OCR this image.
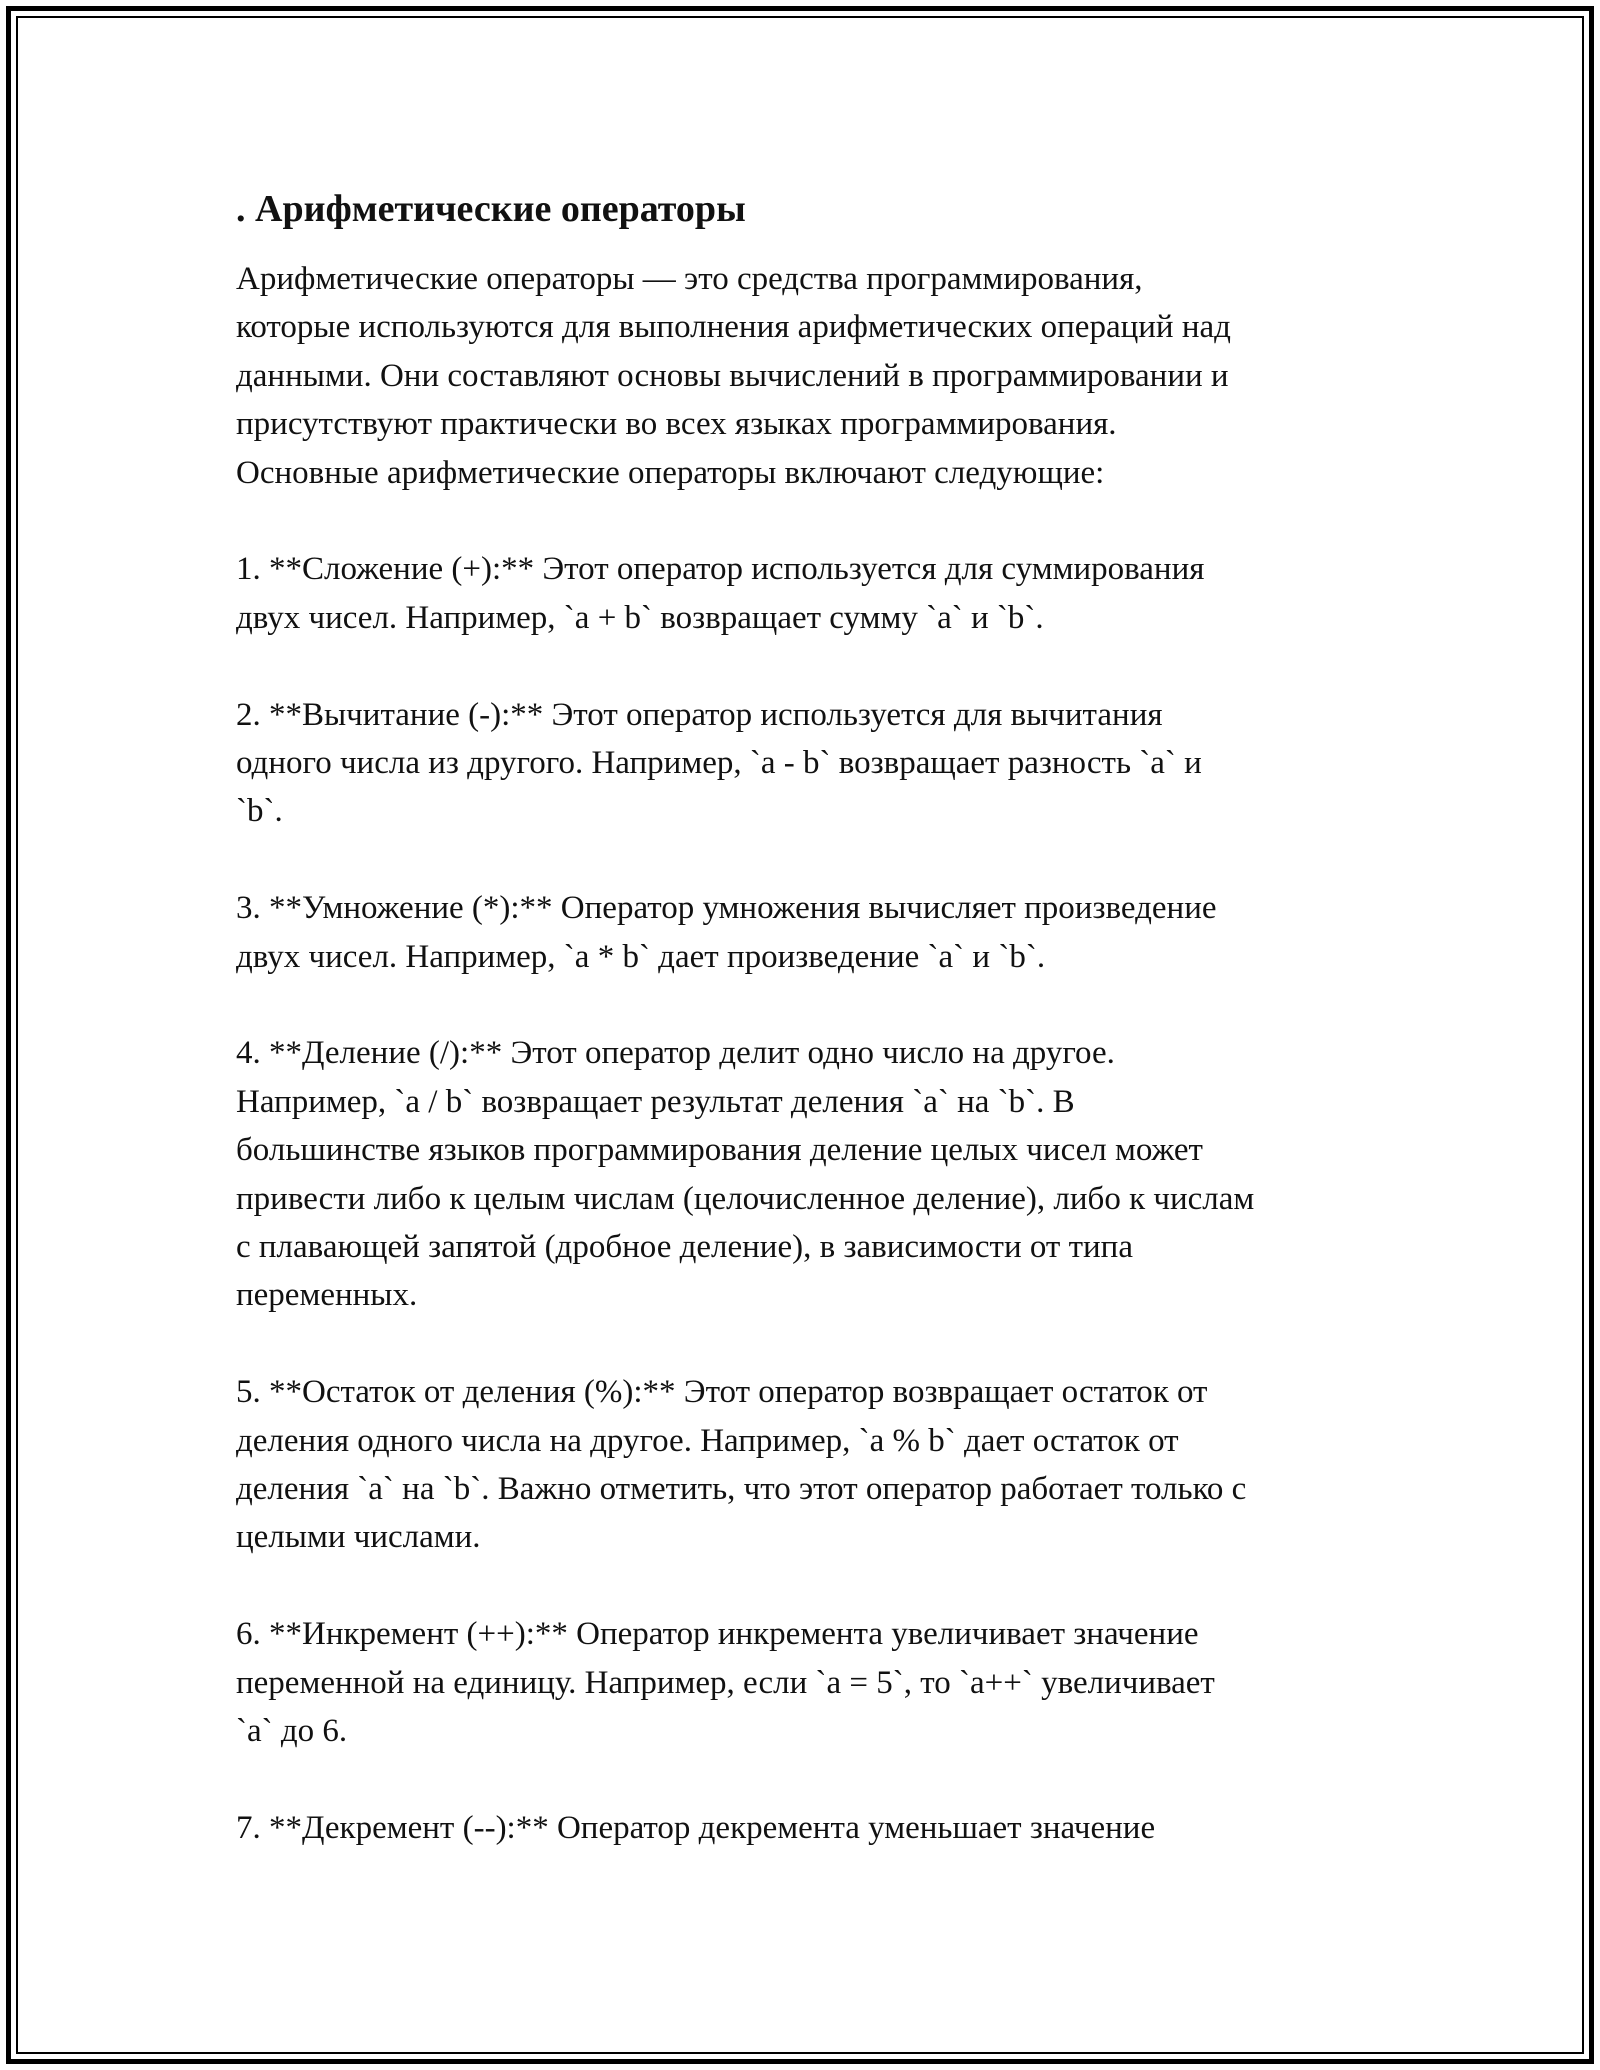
. Арифметические операторы
Арифметические операторы — это средства программирования,
которые используются для выполнения арифметических операций над
данными. Они составляют основы вычислений в программировании и
присутствуют практически во всех языках программирования.
Основные арифметические операторы включают следующие:
1. **Сложение (+):** Этот оператор используется для суммирования
двух чисел. Например, `a + b` возвращает сумму `a` и `b`.
2. **Вычитание (-):** Этот оператор используется для вычитания
одного числа из другого. Например, `a - b` возвращает разность `a` и
`b`.
3. **Умножение (*):** Оператор умножения вычисляет произведение
двух чисел. Например, `a * b` дает произведение `a` и `b`.
4. **Деление (/):** Этот оператор делит одно число на другое.
Например, `a / b` возвращает результат деления `a` на `b`. В
большинстве языков программирования деление целых чисел может
привести либо к целым числам (целочисленное деление), либо к числам
с плавающей запятой (дробное деление), в зависимости от типа
переменных.
5. **Остаток от деления (%):** Этот оператор возвращает остаток от
деления одного числа на другое. Например, `a % b` дает остаток от
деления `a` на `b`. Важно отметить, что этот оператор работает только с
целыми числами.
6. **Инкремент (++):** Оператор инкремента увеличивает значение
переменной на единицу. Например, если `a = 5`, то `a++` увеличивает
`a` до 6.
7. **Декремент (--):** Оператор декремента уменьшает значение
